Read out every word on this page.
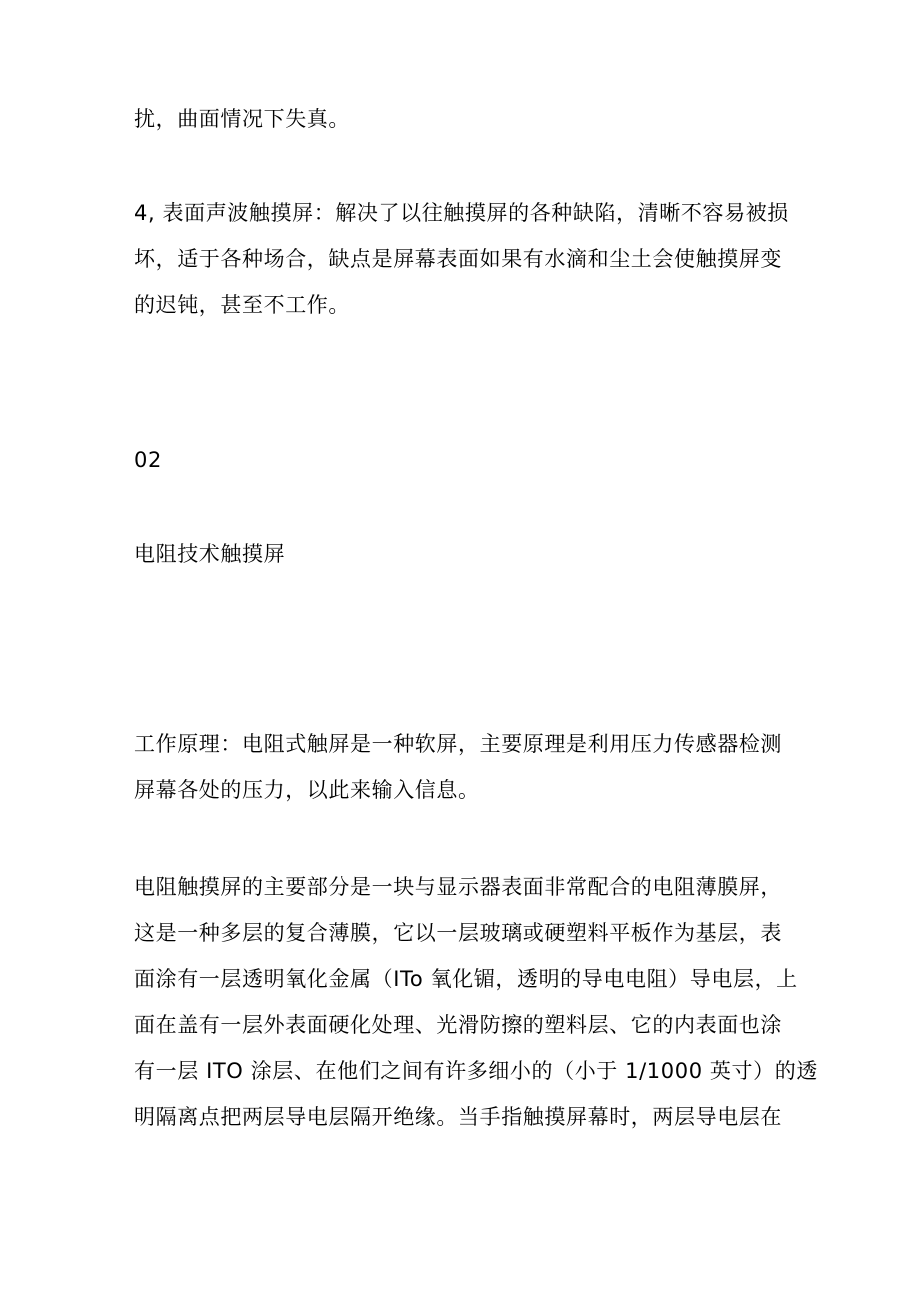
扰，曲面情况下失真。

4, 表面声波触摸屏：解决了以往触摸屏的各种缺陷，清晰不容易被损
坏，适于各种场合，缺点是屏幕表面如果有水滴和尘土会使触摸屏变
的迟钝，甚至不工作。

02

电阻技术触摸屏

工作原理：电阻式触屏是一种软屏，主要原理是利用压力传感器检测
屏幕各处的压力，以此来输入信息。

电阻触摸屏的主要部分是一块与显示器表面非常配合的电阻薄膜屏，
这是一种多层的复合薄膜，它以一层玻璃或硬塑料平板作为基层，表
面涂有一层透明氧化金属（ITo 氧化镅，透明的导电电阻）导电层，上
面在盖有一层外表面硬化处理、光滑防擦的塑料层、它的内表面也涂
有一层 ITO 涂层、在他们之间有许多细小的（小于 1/1000 英寸）的透
明隔离点把两层导电层隔开绝缘。当手指触摸屏幕时，两层导电层在
